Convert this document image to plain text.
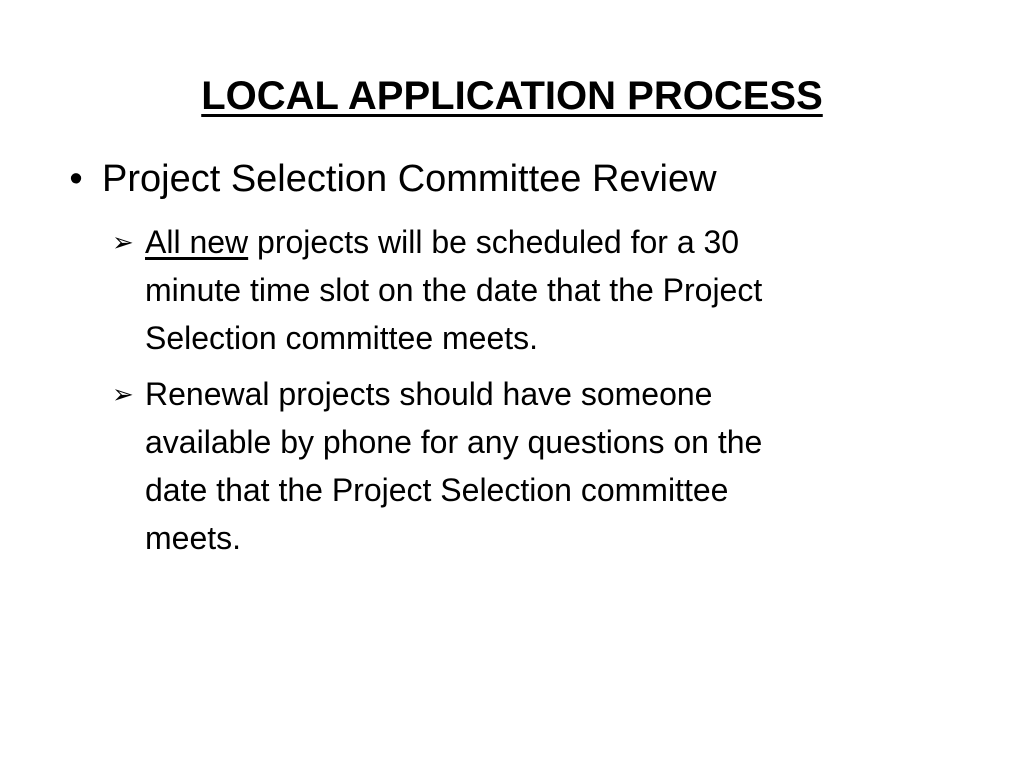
LOCAL APPLICATION PROCESS
• Project Selection Committee Review
➢ All new projects will be scheduled for a 30
minute time slot on the date that the Project
Selection committee meets.
➢ Renewal projects should have someone
available by phone for any questions on the
date that the Project Selection committee
meets.
